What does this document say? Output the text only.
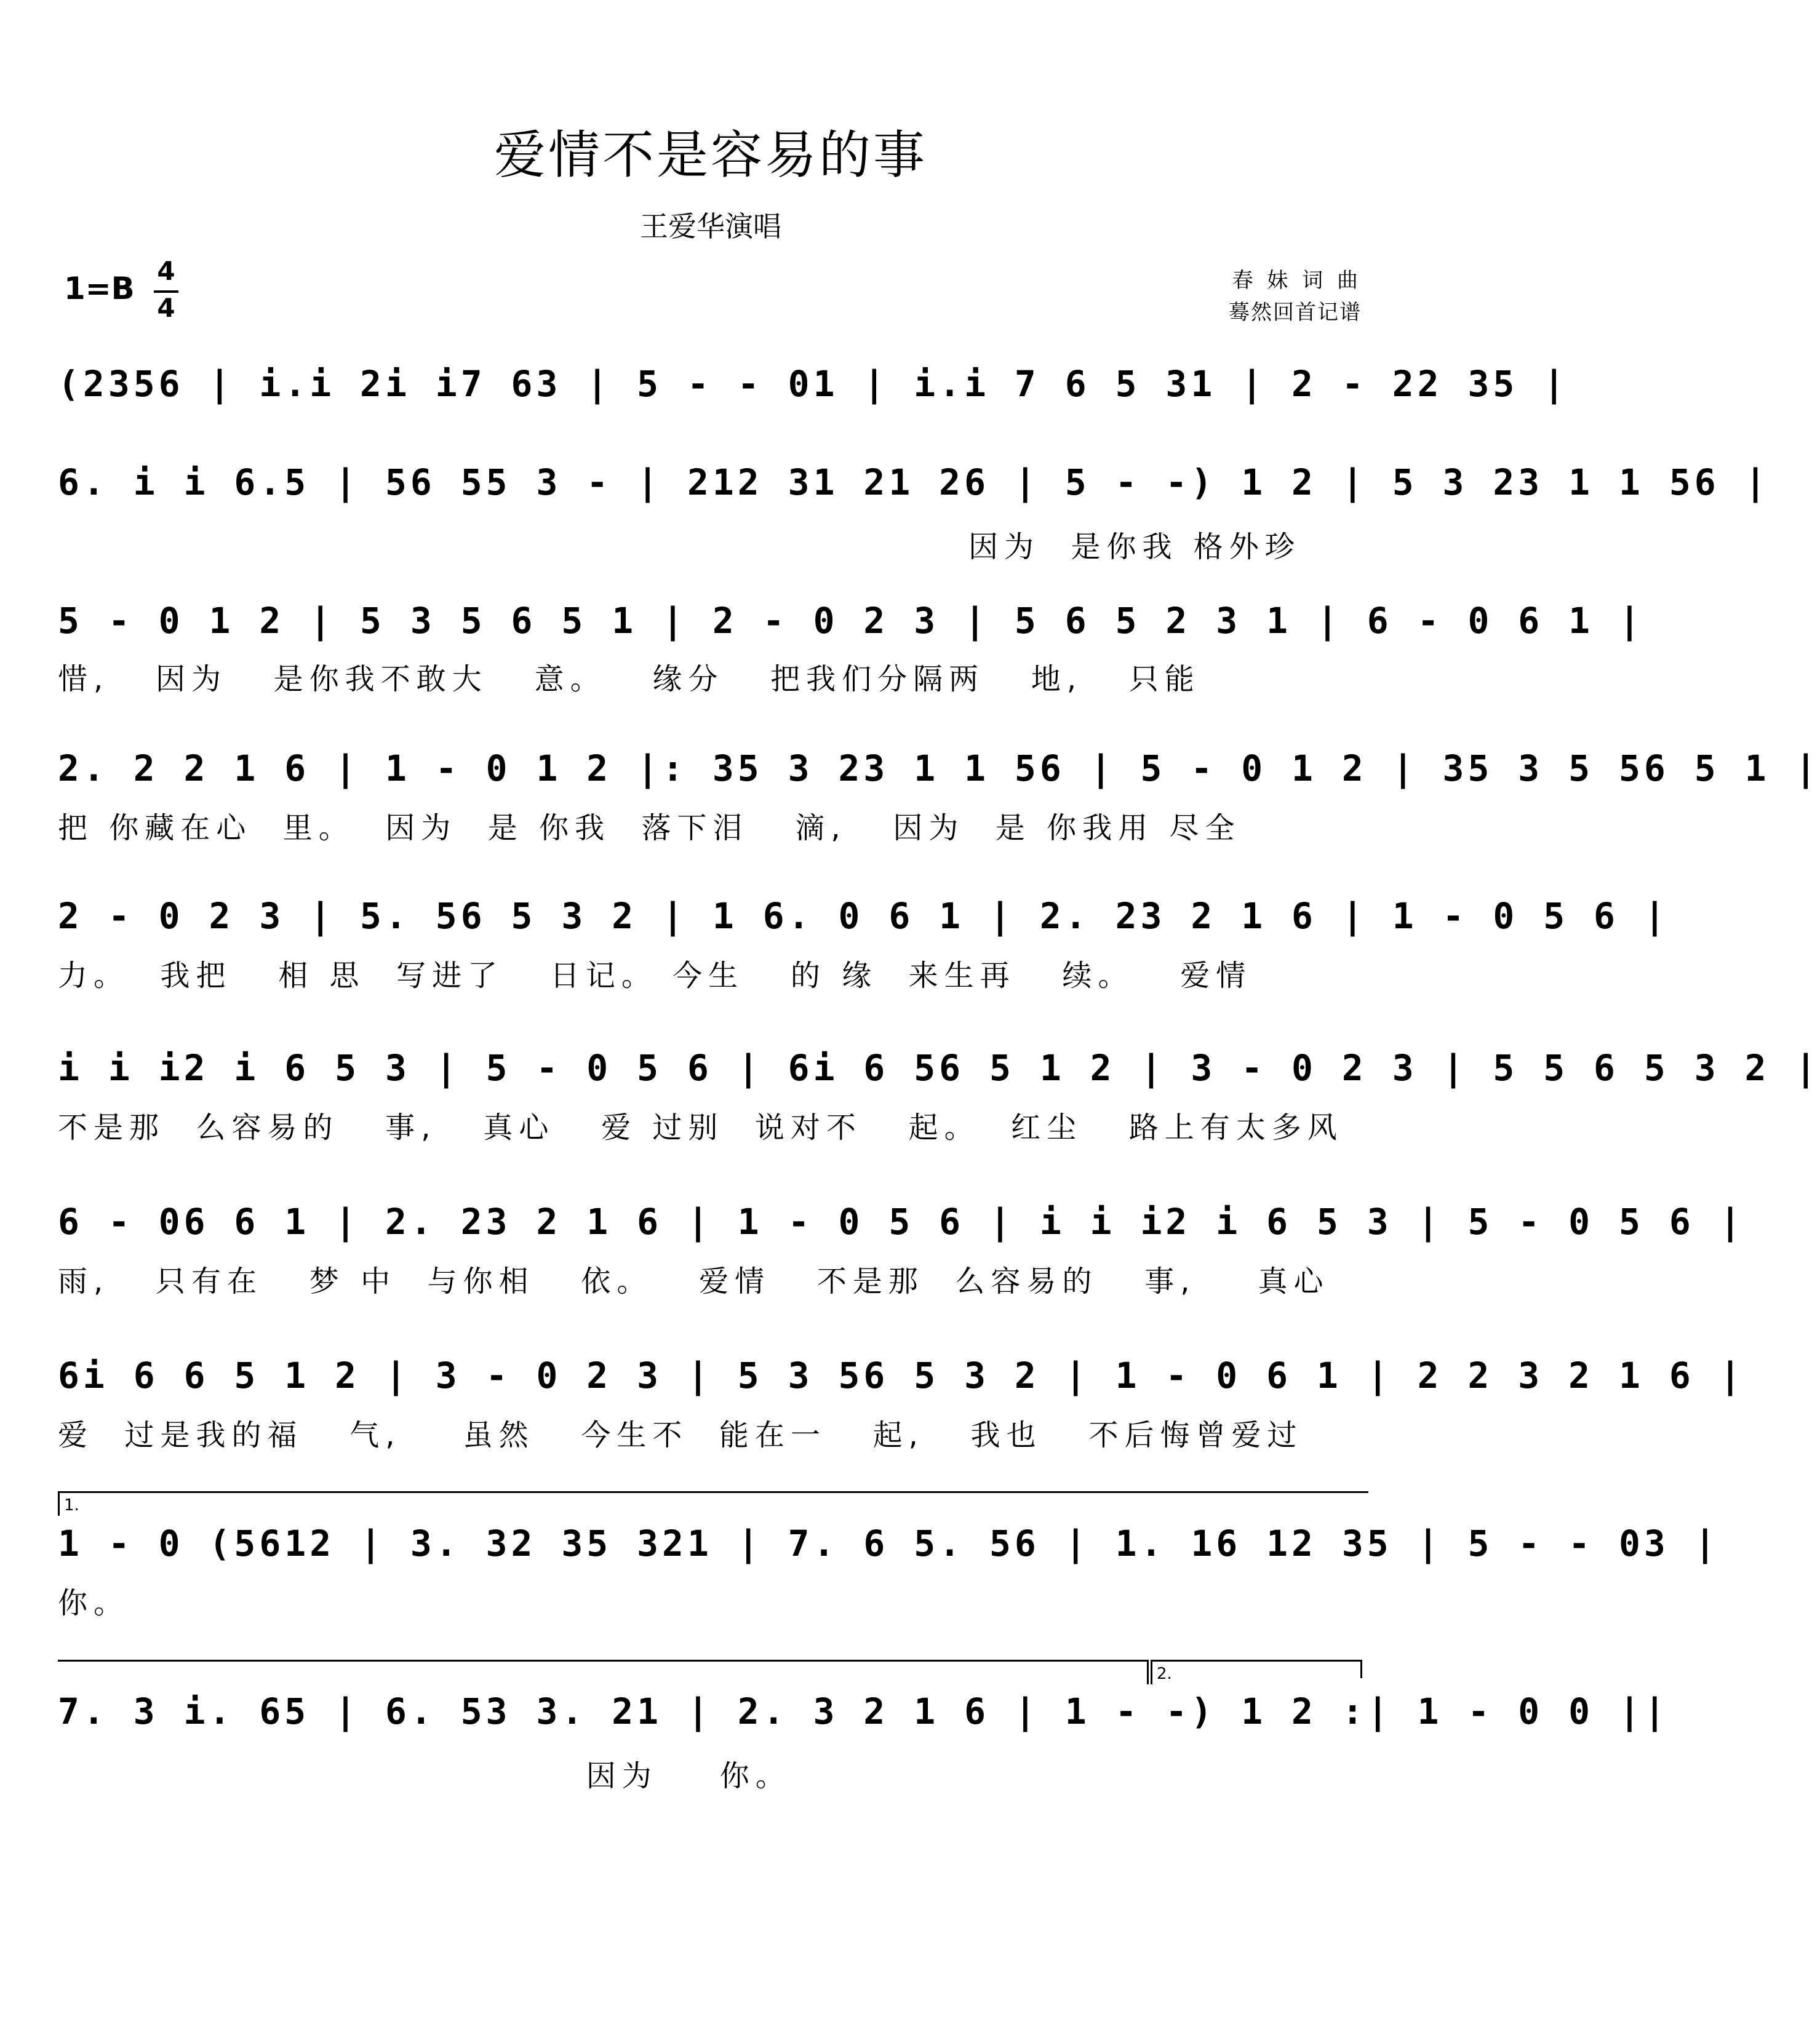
爱情不是容易的事
王爱华演唱
1=B 4
4
春 妹 词 曲
蓦然回首记谱
(2356 | i.i 2i i7 63 | 5 - - 01 | i.i 7 6 5 31 | 2 - 22 35 |
6. i i 6.5 | 56 55 3 - | 212 31 21 26 | 5 - -) 1 2 | 5 3 23 1 1 56 |
因为  是你我 格外珍
5 - 0 1 2 | 5 3 5 6 5 1 | 2 - 0 2 3 | 5 6 5 2 3 1 | 6 - 0 6 1 |
惜,   因为   是你我不敢大   意。   缘分   把我们分隔两   地,   只能
2. 2 2 1 6 | 1 - 0 1 2 |: 35 3 23 1 1 56 | 5 - 0 1 2 | 35 3 5 56 5 1 |
把 你藏在心  里。  因为  是 你我  落下泪   滴,   因为  是 你我用 尽全
2 - 0 2 3 | 5. 56 5 3 2 | 1 6. 0 6 1 | 2. 23 2 1 6 | 1 - 0 5 6 |
力。  我把   相 思  写进了   日记。 今生   的 缘  来生再   续。   爱情
i i i2 i 6 5 3 | 5 - 0 5 6 | 6i 6 56 5 1 2 | 3 - 0 2 3 | 5 5 6 5 3 2 |
不是那  么容易的   事,   真心   爱 过别  说对不   起。  红尘   路上有太多风
6 - 06 6 1 | 2. 23 2 1 6 | 1 - 0 5 6 | i i i2 i 6 5 3 | 5 - 0 5 6 |
雨,   只有在   梦 中  与你相   依。   爱情   不是那  么容易的   事,    真心
6i 6 6 5 1 2 | 3 - 0 2 3 | 5 3 56 5 3 2 | 1 - 0 6 1 | 2 2 3 2 1 6 |
爱  过是我的福   气,    虽然   今生不  能在一   起,   我也   不后悔曾爱过
1.
1 - 0 (5612 | 3. 32 35 321 | 7. 6 5. 56 | 1. 16 12 35 | 5 - - 03 |
你。
2.
7. 3 i. 65 | 6. 53 3. 21 | 2. 3 2 1 6 | 1 - -) 1 2 :| 1 - 0 0 ||
因为    你。
